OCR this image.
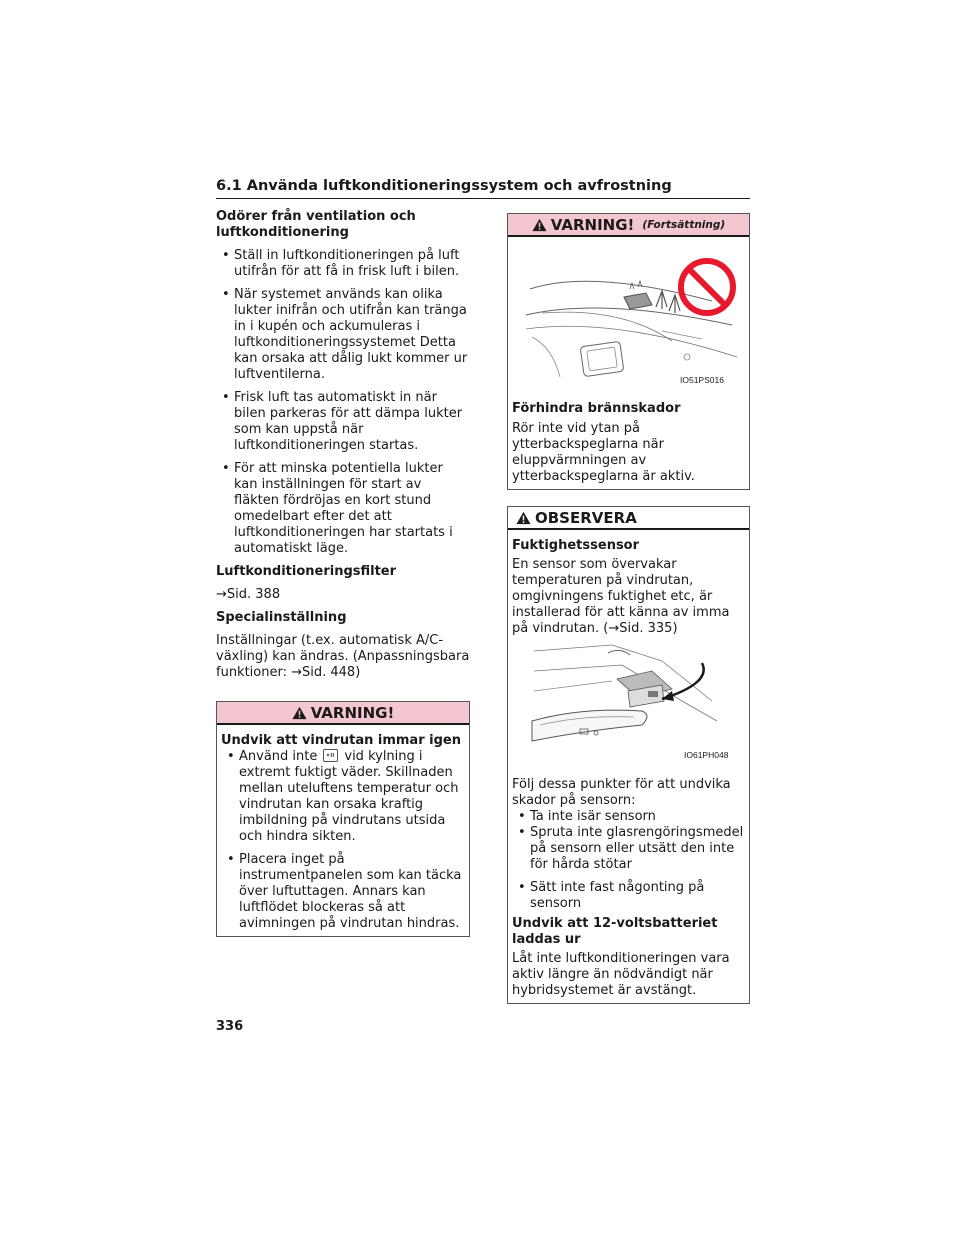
6.1 Använda luftkonditioneringssystem och avfrostning
Odörer från ventilation och luftkonditionering
• Ställ in luftkonditioneringen på luft utifrån för att få in frisk luft i bilen.
• När systemet används kan olika lukter inifrån och utifrån kan tränga in i kupén och ackumuleras i luftkonditioneringssystemet Detta kan orsaka att dålig lukt kommer ur luftventilerna.
• Frisk luft tas automatiskt in när bilen parkeras för att dämpa lukter som kan uppstå när luftkonditioneringen startas.
• För att minska potentiella lukter kan inställningen för start av fläkten fördröjas en kort stund omedelbart efter det att luftkonditioneringen har startats i automatiskt läge.
Luftkonditioneringsfilter
→Sid. 388
Specialinställning
Inställningar (t.ex. automatisk A/C-växling) kan ändras. (Anpassningsbara funktioner: →Sid. 448)
VARNING!
Undvik att vindrutan immar igen
• Använd inte vid kylning i extremt fuktigt väder. Skillnaden mellan uteluftens temperatur och vindrutan kan orsaka kraftig imbildning på vindrutans utsida och hindra sikten.
• Placera inget på instrumentpanelen som kan täcka över luftuttagen. Annars kan luftflödet blockeras så att avimningen på vindrutan hindras.
VARNING! (Fortsättning)
IO51PS016
Förhindra brännskador
Rör inte vid ytan på ytterbackspeglarna när eluppvärmningen av ytterbackspeglarna är aktiv.
OBSERVERA
Fuktighetssensor
En sensor som övervakar temperaturen på vindrutan, omgivningens fuktighet etc, är installerad för att känna av imma på vindrutan. (→Sid. 335)
IO61PH048
Följ dessa punkter för att undvika skador på sensorn:
• Ta inte isär sensorn
• Spruta inte glasrengöringsmedel på sensorn eller utsätt den inte för hårda stötar
• Sätt inte fast någonting på sensorn
Undvik att 12-voltsbatteriet laddas ur
Låt inte luftkonditioneringen vara aktiv längre än nödvändigt när hybridsystemet är avstängt.
336
